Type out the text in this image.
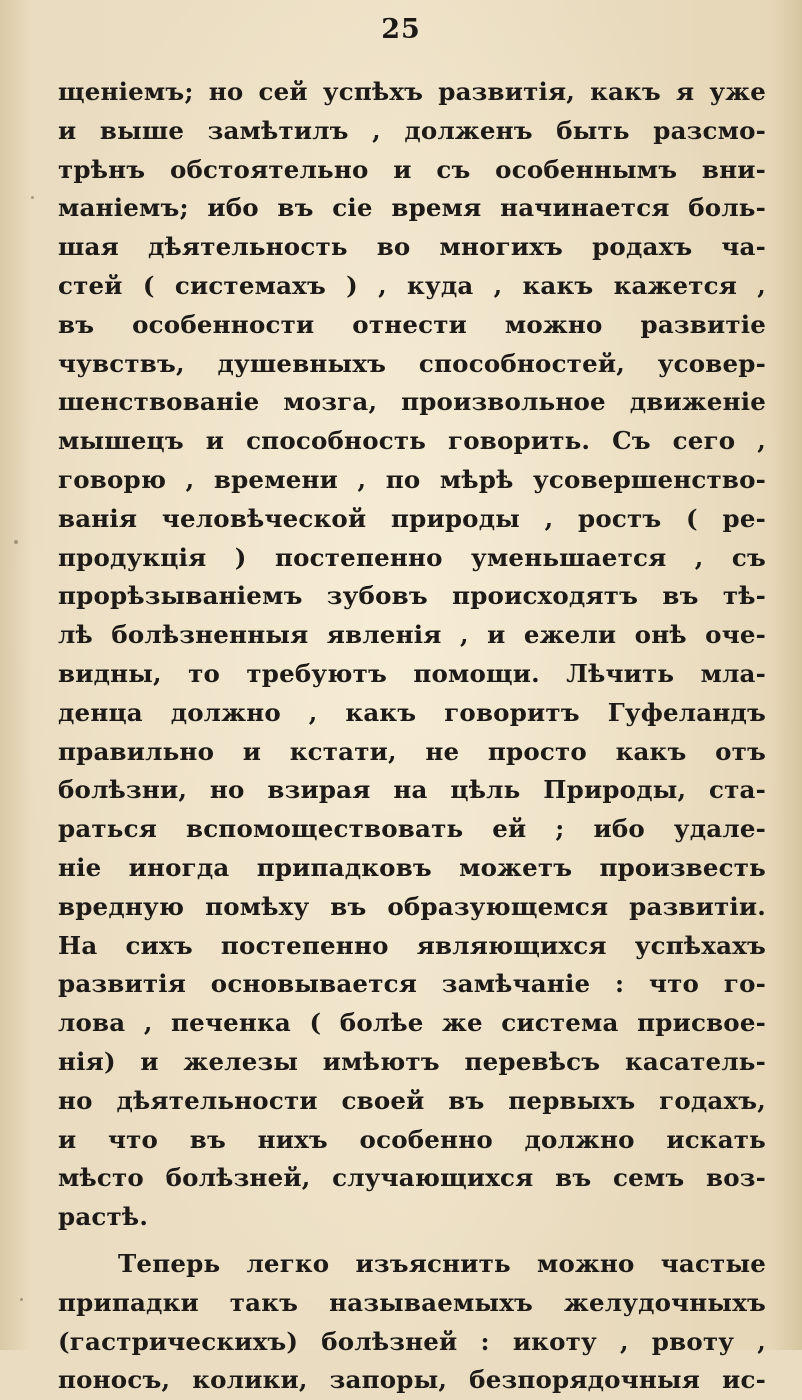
25
щенiемъ; но сей успѣхъ развитiя, какъ я уже
и выше замѣтилъ , долженъ быть разсмо-
трѣнъ обстоятельно и съ особеннымъ вни-
манiемъ; ибо въ сiе время начинается боль-
шая дѣятельность во многихъ родахъ ча-
стей ( системахъ ) , куда , какъ кажется ,
въ особенности отнести можно развитiе
чувствъ, душевныхъ способностей, усовер-
шенствованiе мозга, произвольное движенiе
мышецъ и способность говорить. Съ сего ,
говорю , времени , по мѣрѣ усовершенство-
ванiя человѣческой природы , ростъ ( ре-
продукцiя ) постепенно уменьшается , съ
прорѣзыванiемъ зубовъ происходятъ въ тѣ-
лѣ болѣзненныя явленiя , и ежели онѣ оче-
видны, то требуютъ помощи. Лѣчить мла-
денца должно , какъ говоритъ Гуфеландъ
правильно и кстати, не просто какъ отъ
болѣзни, но взирая на цѣль Природы, ста-
раться вспомоществовать ей ; ибо удале-
нiе иногда припадковъ можетъ произвесть
вредную помѣху въ образующемся развитiи.
На сихъ постепенно являющихся успѣхахъ
развитiя основывается замѣчанiе : что го-
лова , печенка ( болѣе же система присвое-
нiя) и железы имѣютъ перевѣсъ касатель-
но дѣятельности своей въ первыхъ годахъ,
и что въ нихъ особенно должно искать
мѣсто болѣзней, случающихся въ семъ воз-
растѣ.
Теперь легко изъяснить можно частые
припадки такъ называемыхъ желудочныхъ
(гастрическихъ) болѣзней : икоту , рвоту ,
поносъ, колики, запоры, безпорядочныя ис-
